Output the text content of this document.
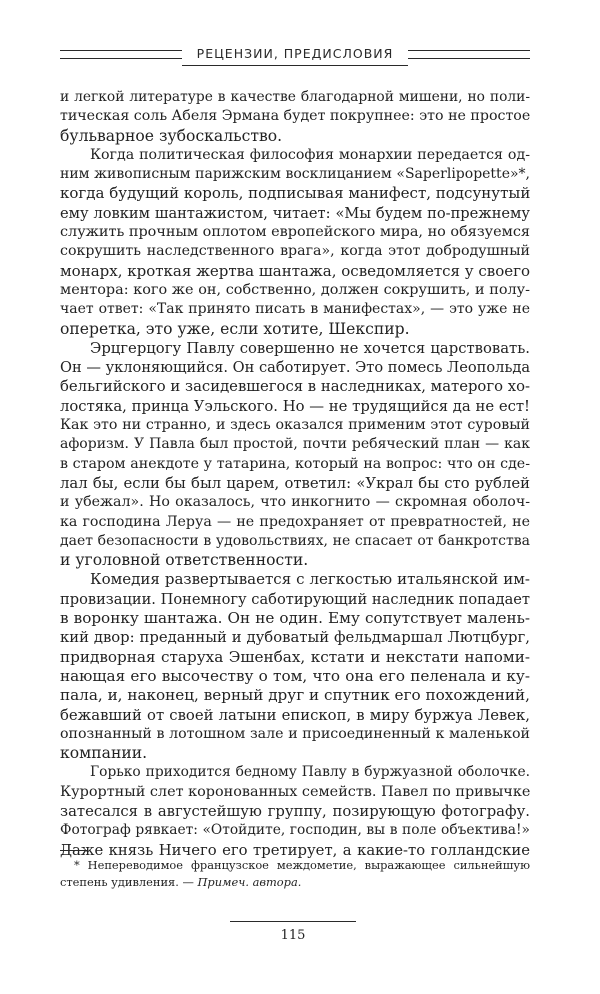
РЕЦЕНЗИИ, ПРЕДИСЛОВИЯ

и легкой литературе в качестве благодарной мишени, но поли-
тическая соль Абеля Эрмана будет покрупнее: это не простое
бульварное зубоскальство.

Когда политическая философия монархии передается од-
ним живописным парижским восклицанием «Saperlipopette»*,
когда будущий король, подписывая манифест, подсунутый
ему ловким шантажистом, читает: «Мы будем по-прежнему
служить прочным оплотом европейского мира, но обязуемся
сокрушить наследственного врага», когда этот добродушный
монарх, кроткая жертва шантажа, осведомляется у своего
ментора: кого же он, собственно, должен сокрушить, и полу-
чает ответ: «Так принято писать в манифестах», — это уже не
оперетка, это уже, если хотите, Шекспир.

Эрцгерцогу Павлу совершенно не хочется царствовать.
Он — уклоняющийся. Он саботирует. Это помесь Леопольда
бельгийского и засидевшегося в наследниках, матерого хо-
лостяка, принца Уэльского. Но — не трудящийся да не ест!
Как это ни странно, и здесь оказался применим этот суровый
афоризм. У Павла был простой, почти ребяческий план — как
в старом анекдоте у татарина, который на вопрос: что он сде-
лал бы, если бы был царем, ответил: «Украл бы сто рублей
и убежал». Но оказалось, что инкогнито — скромная оболоч-
ка господина Леруа — не предохраняет от превратностей, не
дает безопасности в удовольствиях, не спасает от банкротства
и уголовной ответственности.

Комедия развертывается с легкостью итальянской им-
провизации. Понемногу саботирующий наследник попадает
в воронку шантажа. Он не один. Ему сопутствует малень-
кий двор: преданный и дубоватый фельдмаршал Лютцбург,
придворная старуха Эшенбах, кстати и некстати напоми-
нающая его высочеству о том, что она его пеленала и ку-
пала, и, наконец, верный друг и спутник его похождений,
бежавший от своей латыни епископ, в миру буржуа Левек,
опознанный в лотошном зале и присоединенный к маленькой
компании.

Горько приходится бедному Павлу в буржуазной оболочке.
Курортный слет коронованных семейств. Павел по привычке
затесался в августейшую группу, позирующую фотографу.
Фотограф рявкает: «Отойдите, господин, вы в поле объектива!»
Даже князь Ничего его третирует, а какие-то голландские

* Непереводимое французское междометие, выражающее сильнейшую
степень удивления. — Примеч. автора.
115
